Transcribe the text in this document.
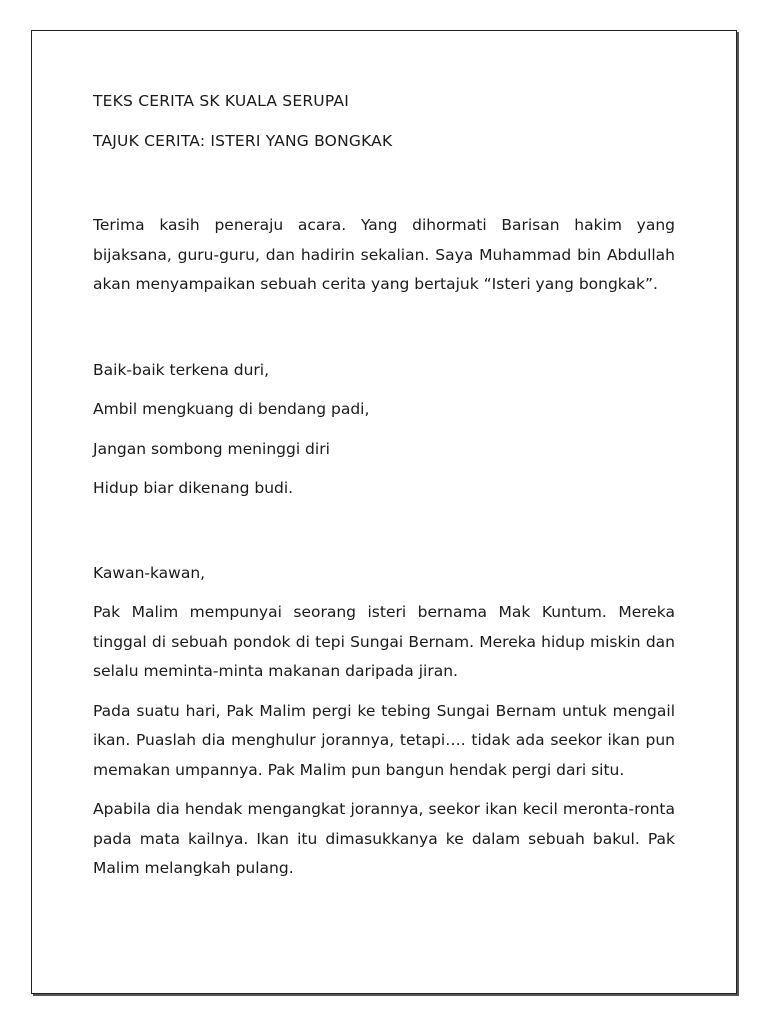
TEKS CERITA SK KUALA SERUPAI

TAJUK CERITA: ISTERI YANG BONGKAK

Terima kasih peneraju acara. Yang dihormati Barisan hakim yang bijaksana, guru-guru, dan hadirin sekalian. Saya Muhammad bin Abdullah akan menyampaikan sebuah cerita yang bertajuk “Isteri yang bongkak”.

Baik-baik terkena duri,

Ambil mengkuang di bendang padi,

Jangan sombong meninggi diri

Hidup biar dikenang budi.

Kawan-kawan,

Pak Malim mempunyai seorang isteri bernama Mak Kuntum. Mereka tinggal di sebuah pondok di tepi Sungai Bernam. Mereka hidup miskin dan selalu meminta-minta makanan daripada jiran.

Pada suatu hari, Pak Malim pergi ke tebing Sungai Bernam untuk mengail ikan. Puaslah dia menghulur jorannya, tetapi…. tidak ada seekor ikan pun memakan umpannya. Pak Malim pun bangun hendak pergi dari situ.

Apabila dia hendak mengangkat jorannya, seekor ikan kecil meronta-ronta pada mata kailnya. Ikan itu dimasukkanya ke dalam sebuah bakul. Pak Malim melangkah pulang.
